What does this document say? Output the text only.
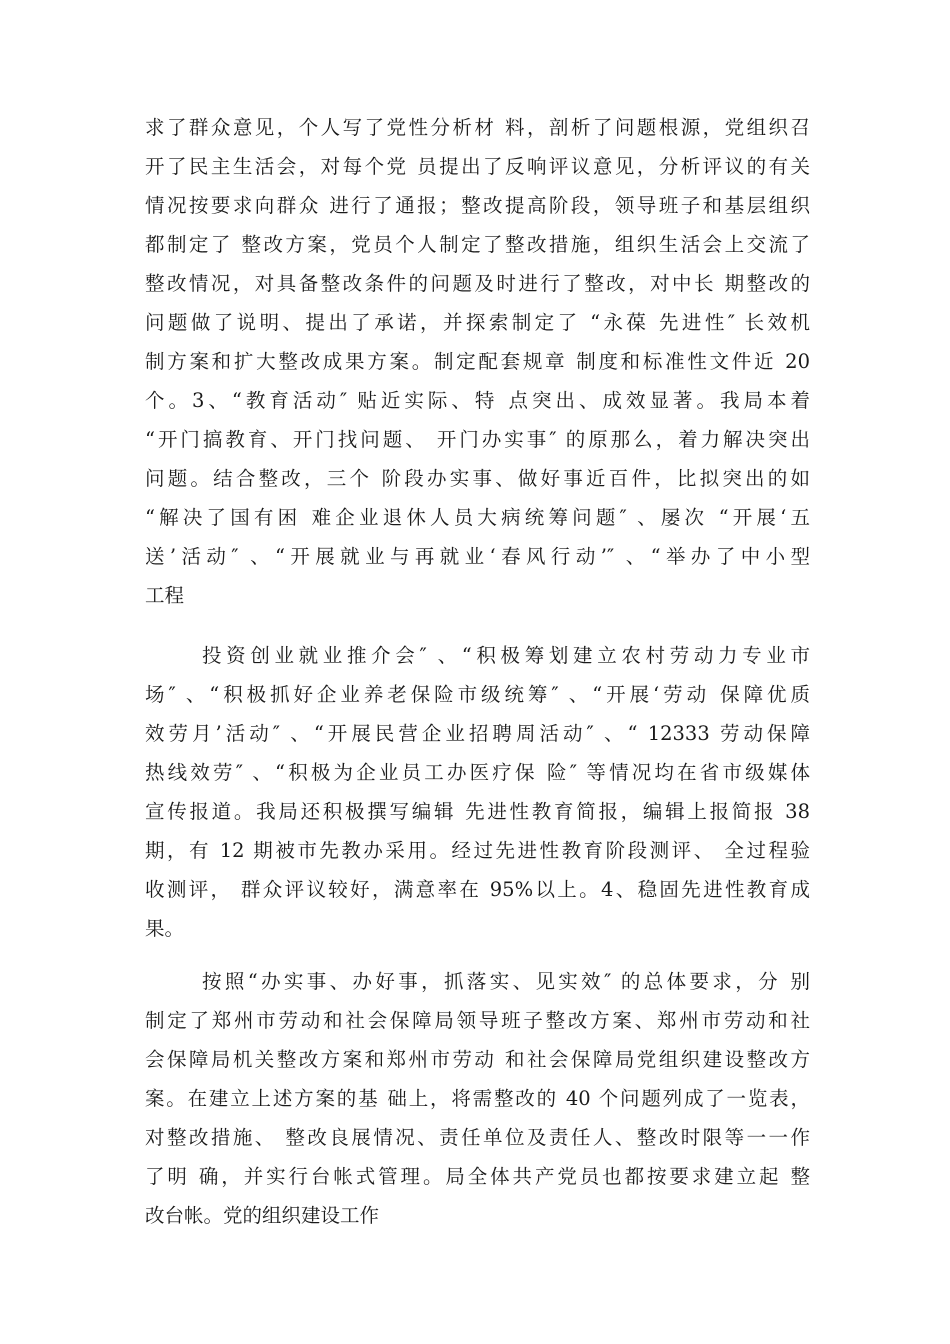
求了群众意见，个人写了党性分析材 料，剖析了问题根源，党组织召
开了民主生活会，对每个党 员提出了反响评议意见，分析评议的有关
情况按要求向群众 进行了通报；整改提高阶段，领导班子和基层组织
都制定了 整改方案，党员个人制定了整改措施，组织生活会上交流了
整改情况，对具备整改条件的问题及时进行了整改，对中长 期整改的
问题做了说明、提出了承诺，并探索制定了 “永葆 先进性″ 长效机
制方案和扩大整改成果方案。制定配套规章 制度和标准性文件近 20
个。3、“教育活动″ 贴近实际、特 点突出、成效显著。我局本着
“开门搞教育、开门找问题、 开门办实事″ 的原那么，着力解决突出
问题。结合整改，三个 阶段办实事、做好事近百件，比拟突出的如
“解决了国有困 难企业退休人员大病统筹问题″ 、屡次 “开展‘五
送’活动″ 、“开展就业与再就业‘春风行动’″ 、“举办了中小型
工程
投资创业就业推介会″ 、“积极筹划建立农村劳动力专业市
场″ 、“积极抓好企业养老保险市级统筹″ 、“开展‘劳动 保障优质
效劳月’活动″ 、“开展民营企业招聘周活动″ 、“ 12333 劳动保障
热线效劳″ 、“积极为企业员工办医疗保 险″ 等情况均在省市级媒体
宣传报道。我局还积极撰写编辑 先进性教育简报，编辑上报简报 38
期，有 12 期被市先教办采用。经过先进性教育阶段测评、 全过程验
收测评， 群众评议较好，满意率在 95%以上。4、稳固先进性教育成
果。
按照“办实事、办好事，抓落实、见实效″ 的总体要求，分 别
制定了郑州市劳动和社会保障局领导班子整改方案、郑州市劳动和社
会保障局机关整改方案和郑州市劳动 和社会保障局党组织建设整改方
案。在建立上述方案的基 础上，将需整改的 40 个问题列成了一览表，
对整改措施、 整改良展情况、责任单位及责任人、整改时限等一一作
了明 确，并实行台帐式管理。局全体共产党员也都按要求建立起 整
改台帐。党的组织建设工作
